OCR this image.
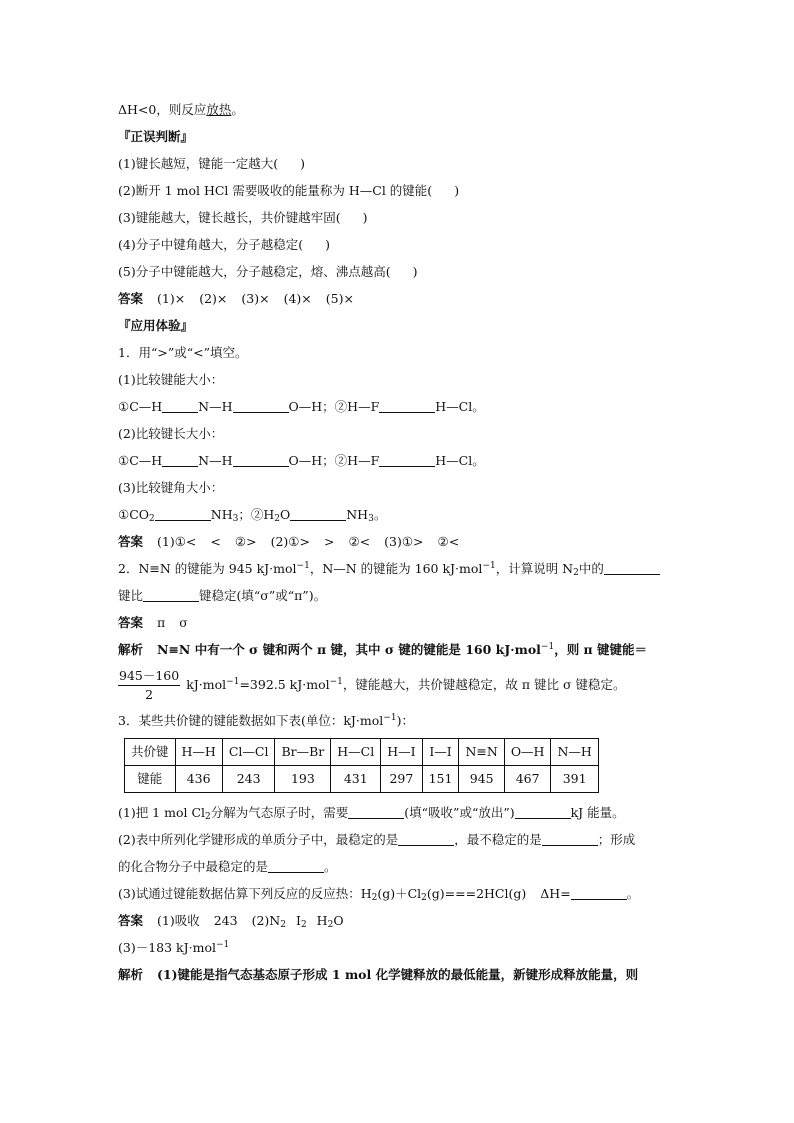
ΔH<0，则反应放热。
『正误判断』
(1)键长越短，键能一定越大( )
(2)断开 1 mol HCl 需要吸收的能量称为 H—Cl 的键能( )
(3)键能越大，键长越长，共价键越牢固( )
(4)分子中键角越大，分子越稳定( )
(5)分子中键能越大，分子越稳定，熔、沸点越高( )
答案 (1)× (2)× (3)× (4)× (5)×
『应用体验』
1．用“>”或“<”填空。
(1)比较键能大小：
①C—H	N—H	O—H；②H—F	H—Cl。
(2)比较键长大小：
①C—H	N—H	O—H；②H—F	H—Cl。
(3)比较键角大小：
$①CO_2$	$NH_3$；$②H_2O$	$NH_3$。
答案 (1)①< < ②> (2)①> > ②< (3)①> ②<
2．N≡N 的键能为 945 kJ·mol$^{-1}$，N—N 的键能为 160 kJ·mol$^{-1}$，计算说明 $N_2$中的
键比	键稳定(填“σ”或“π”)。
答案 π σ
解析 N≡N 中有一个 σ 键和两个 π 键，其中 σ 键的键能是 160 kJ·mol$^{-1}$，则 π 键键能＝
$\frac{945-160}{2} kJ\cdot mol^{-1}=392.5$ kJ·mol$^{-1}$，键能越大，共价键越稳定，故 π 键比 σ 键稳定。
3．某些共价键的键能数据如下表(单位：kJ·mol$^{-1}$)：
共价键	H—H	Cl—Cl	Br—Br	H—Cl	H—I	I—I	N≡N	O—H	N—H
键能	436	243	193	431	297	151	945	467	391
(1)把 1 mol $Cl_2$分解为气态原子时，需要	(填“吸收”或“放出”)	kJ 能量。
(2)表中所列化学键形成的单质分子中，最稳定的是	，最不稳定的是	；形成
的化合物分子中最稳定的是	。
(3)试通过键能数据估算下列反应的反应热：$H_2(g)+Cl_2(g)===2HCl(g)$ ΔH=	。
答案 (1)吸收 243 $(2)N_2$ $I_2$ $H_2O$
(3)－183 kJ·mol$^{-1}$
解析 (1)键能是指气态基态原子形成 1 mol 化学键释放的最低能量，新键形成释放能量，则
